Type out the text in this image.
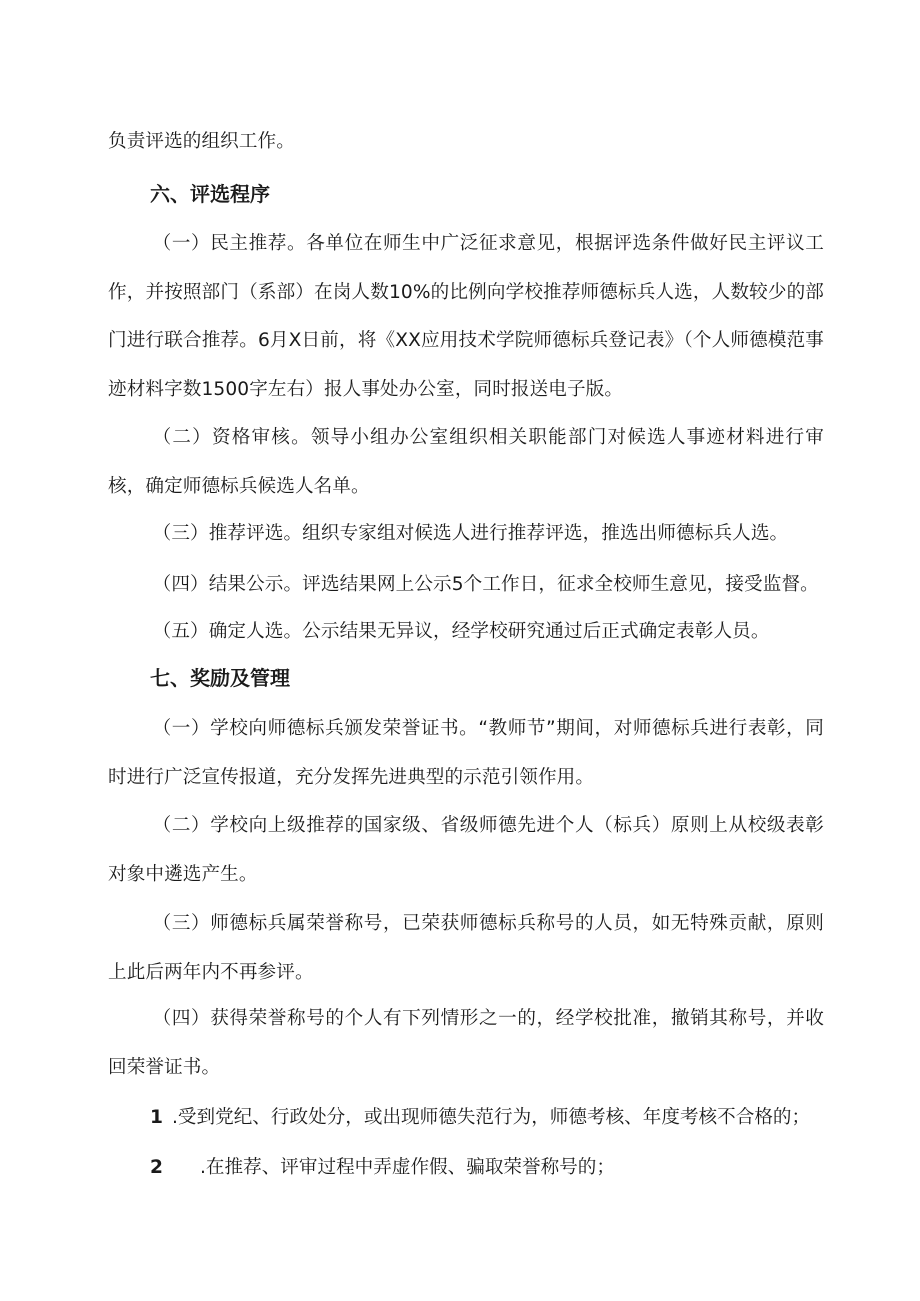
负责评选的组织工作。

六、评选程序

（一）民主推荐。各单位在师生中广泛征求意见，根据评选条件做好民主评议工作，并按照部门（系部）在岗人数10%的比例向学校推荐师德标兵人选，人数较少的部门进行联合推荐。6月X日前，将《XX应用技术学院师德标兵登记表》（个人师德模范事迹材料字数1500字左右）报人事处办公室，同时报送电子版。

（二）资格审核。领导小组办公室组织相关职能部门对候选人事迹材料进行审核，确定师德标兵候选人名单。

（三）推荐评选。组织专家组对候选人进行推荐评选，推选出师德标兵人选。

（四）结果公示。评选结果网上公示5个工作日，征求全校师生意见，接受监督。

（五）确定人选。公示结果无异议，经学校研究通过后正式确定表彰人员。

七、奖励及管理

（一）学校向师德标兵颁发荣誉证书。“教师节”期间，对师德标兵进行表彰，同时进行广泛宣传报道，充分发挥先进典型的示范引领作用。

（二）学校向上级推荐的国家级、省级师德先进个人（标兵）原则上从校级表彰对象中遴选产生。

（三）师德标兵属荣誉称号，已荣获师德标兵称号的人员，如无特殊贡献，原则上此后两年内不再参评。

（四）获得荣誉称号的个人有下列情形之一的，经学校批准，撤销其称号，并收回荣誉证书。

1 .受到党纪、行政处分，或出现师德失范行为，师德考核、年度考核不合格的；

2 .在推荐、评审过程中弄虚作假、骗取荣誉称号的；
